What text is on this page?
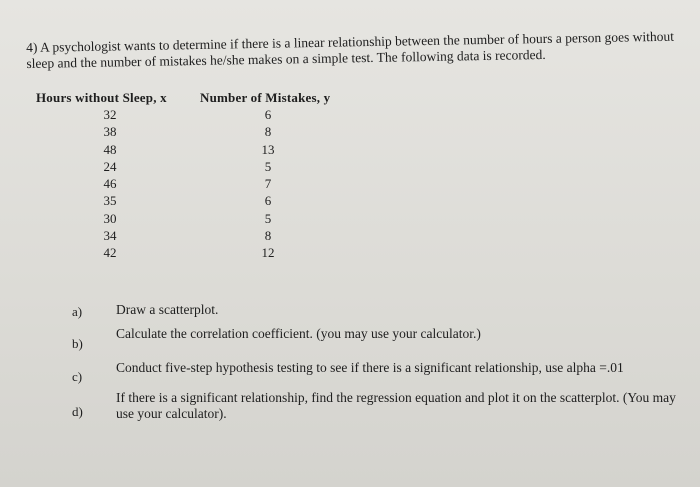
4) A psychologist wants to determine if there is a linear relationship between the number of hours a person goes without sleep and the number of mistakes he/she makes on a simple test. The following data is recorded.
Hours without Sleep, x	Number of Mistakes, y
32
38
48
24
46
35
30
34
42
6
8
13
5
7
6
5
8
12
a)	Draw a scatterplot.
b)
Calculate the correlation coefficient. (you may use your calculator.)
c)
Conduct five-step hypothesis testing to see if there is a significant relationship, use alpha =.01
d)
If there is a significant relationship, find the regression equation and plot it on the scatterplot. (You may use your calculator).
